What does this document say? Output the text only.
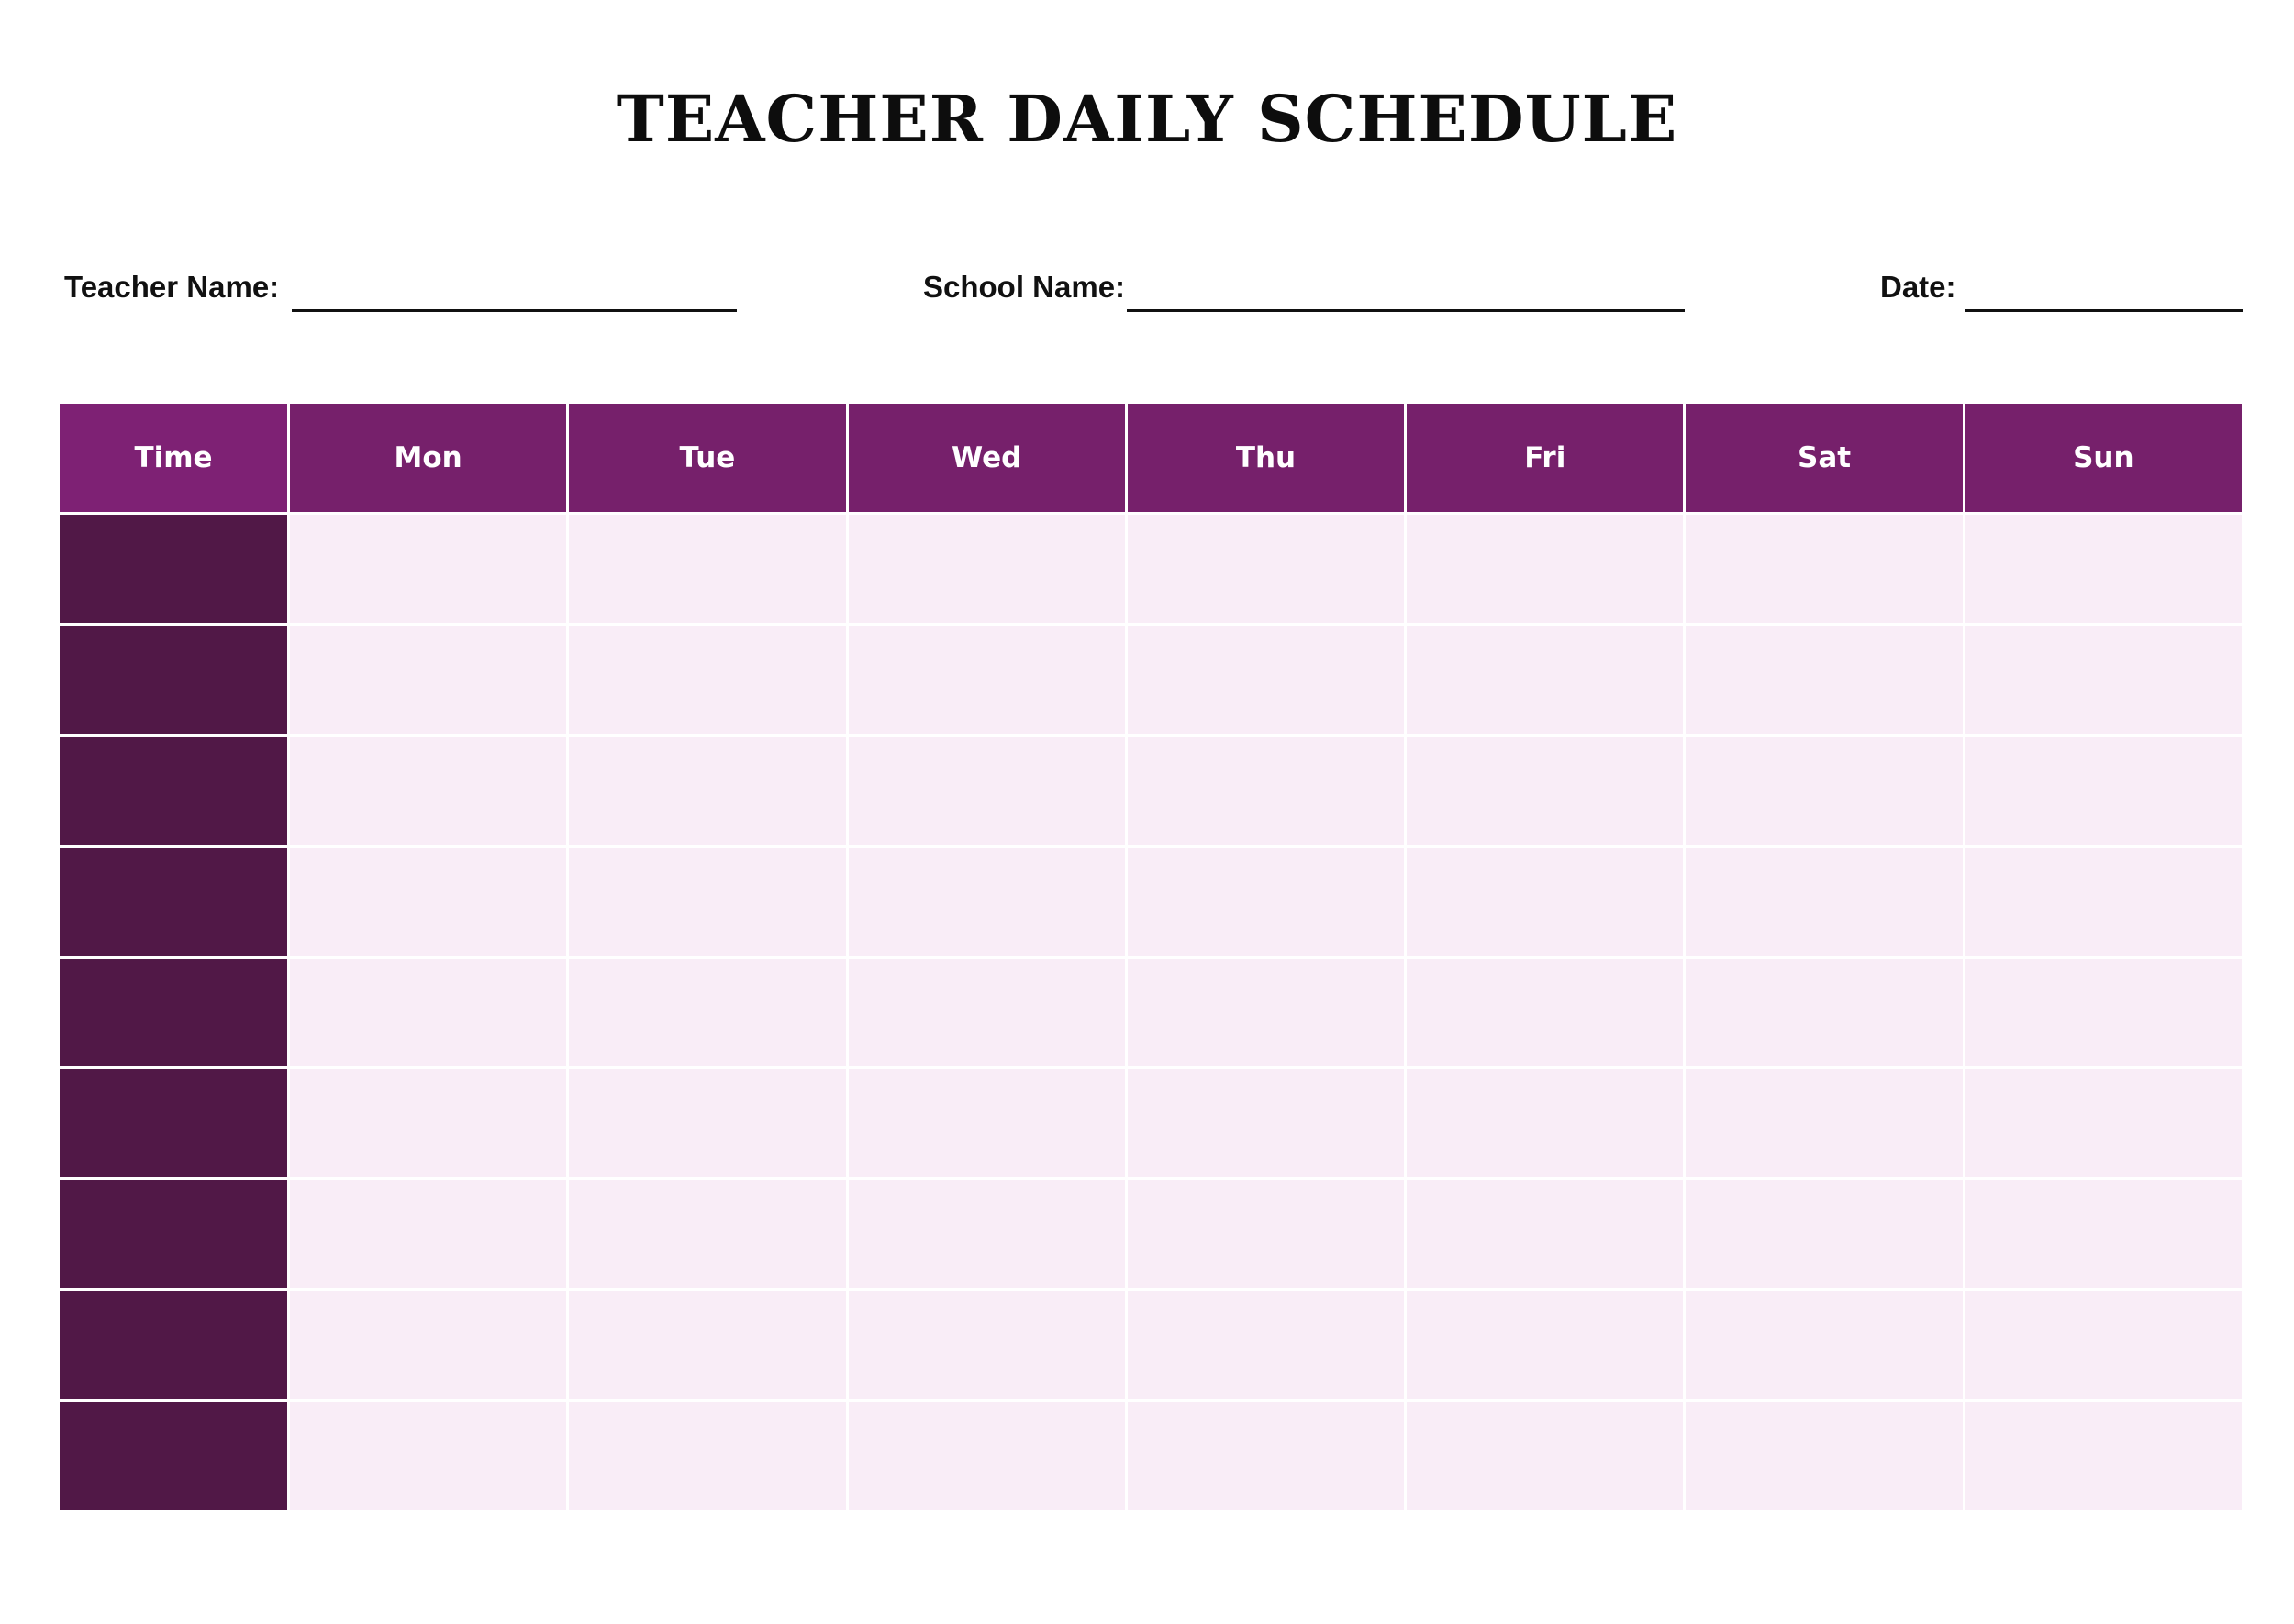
TEACHER DAILY SCHEDULE
Teacher Name:	School Name:	Date:
Time	Mon	Tue	Wed	Thu	Fri	Sat	Sun
